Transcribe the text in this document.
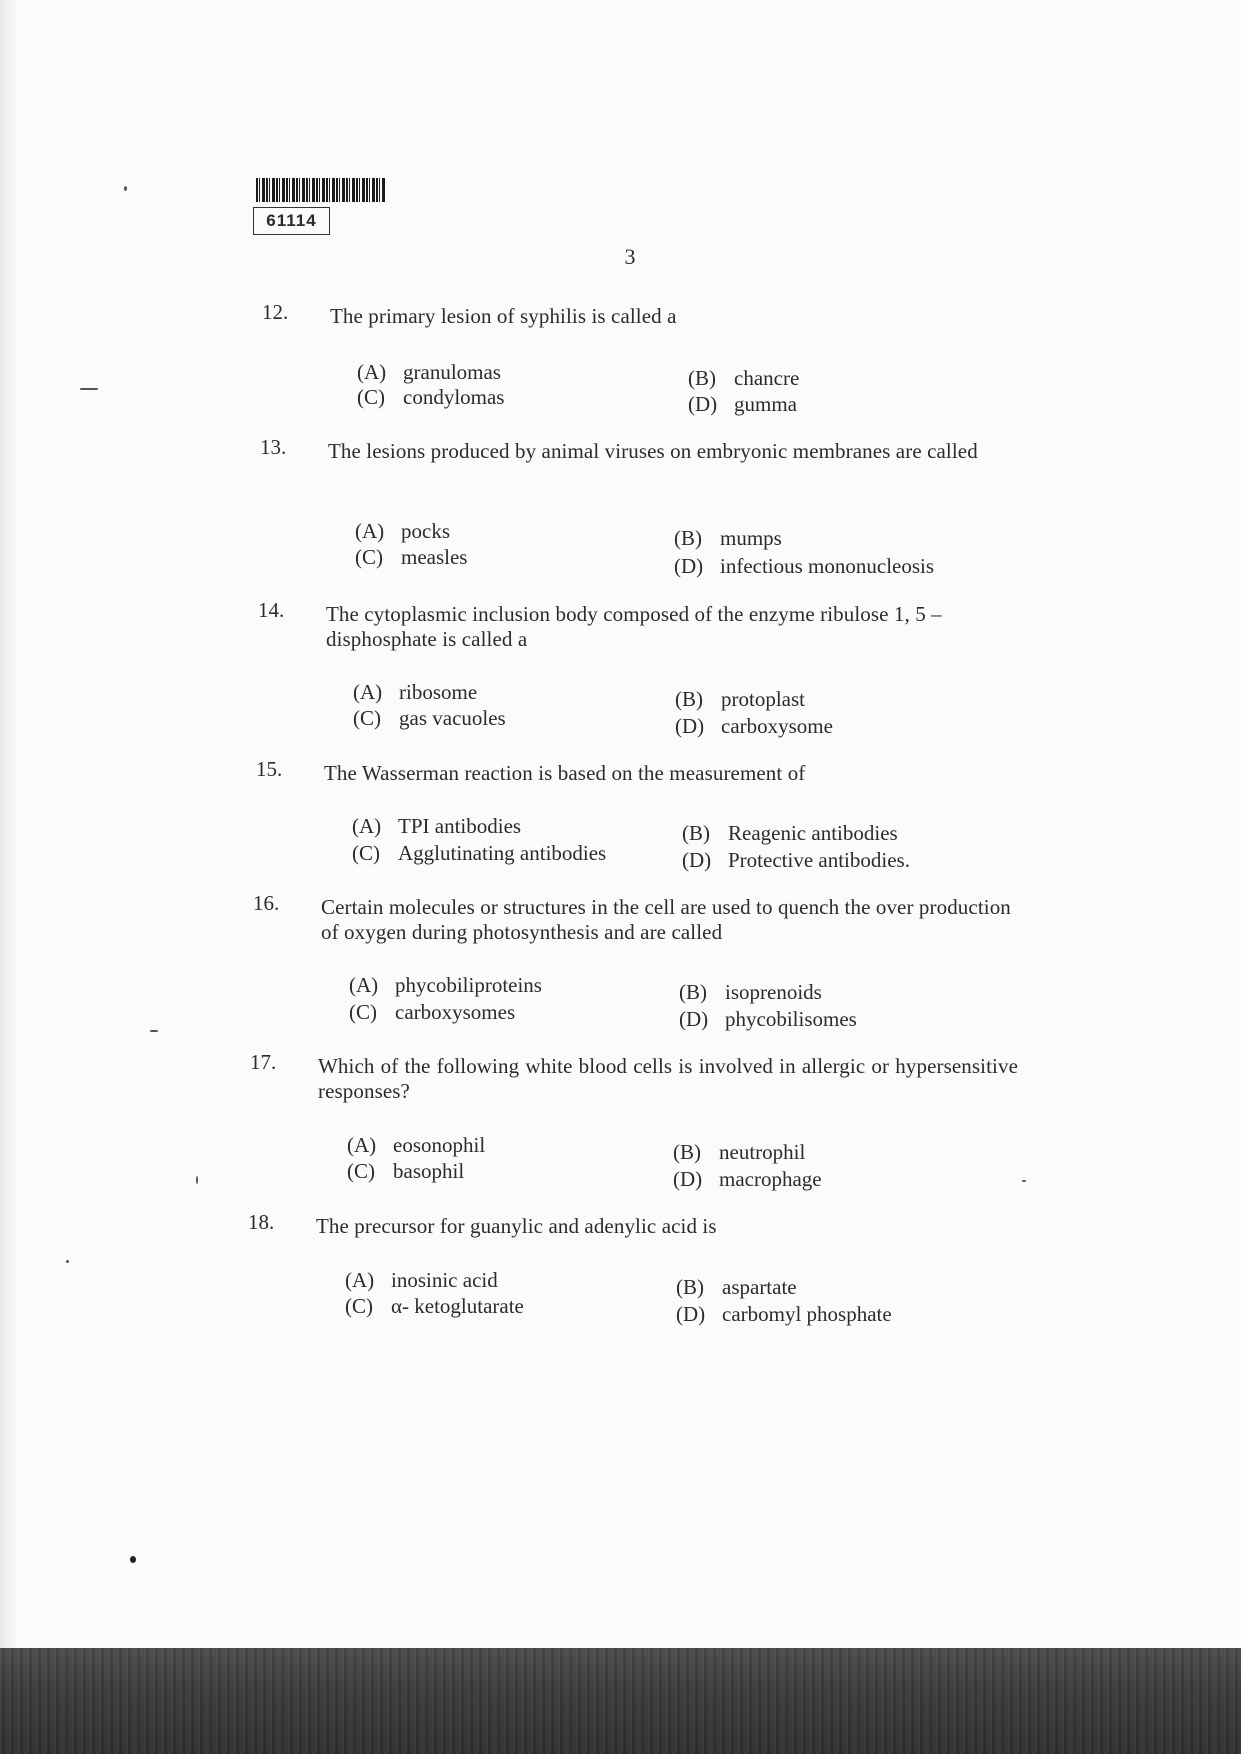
61114
3
12.	The primary lesion of syphilis is called a
(A) granulomas	(B) chancre
(C) condylomas	(D) gumma
13.	The lesions produced by animal viruses on embryonic membranes are called
(A) pocks	(B) mumps
(C) measles	(D) infectious mononucleosis
14.	The cytoplasmic inclusion body composed of the enzyme ribulose 1, 5 – disphosphate is called a
(A) ribosome	(B) protoplast
(C) gas vacuoles	(D) carboxysome
15.	The Wasserman reaction is based on the measurement of
(A) TPI antibodies	(B) Reagenic antibodies
(C) Agglutinating antibodies	(D) Protective antibodies.
16.	Certain molecules or structures in the cell are used to quench the over production of oxygen during photosynthesis and are called
(A) phycobiliproteins	(B) isoprenoids
(C) carboxysomes	(D) phycobilisomes
17.	Which of the following white blood cells is involved in allergic or hypersensitive responses?
(A) eosonophil	(B) neutrophil
(C) basophil	(D) macrophage
18.	The precursor for guanylic and adenylic acid is
(A) inosinic acid	(B) aspartate
(C) α- ketoglutarate	(D) carbomyl phosphate
